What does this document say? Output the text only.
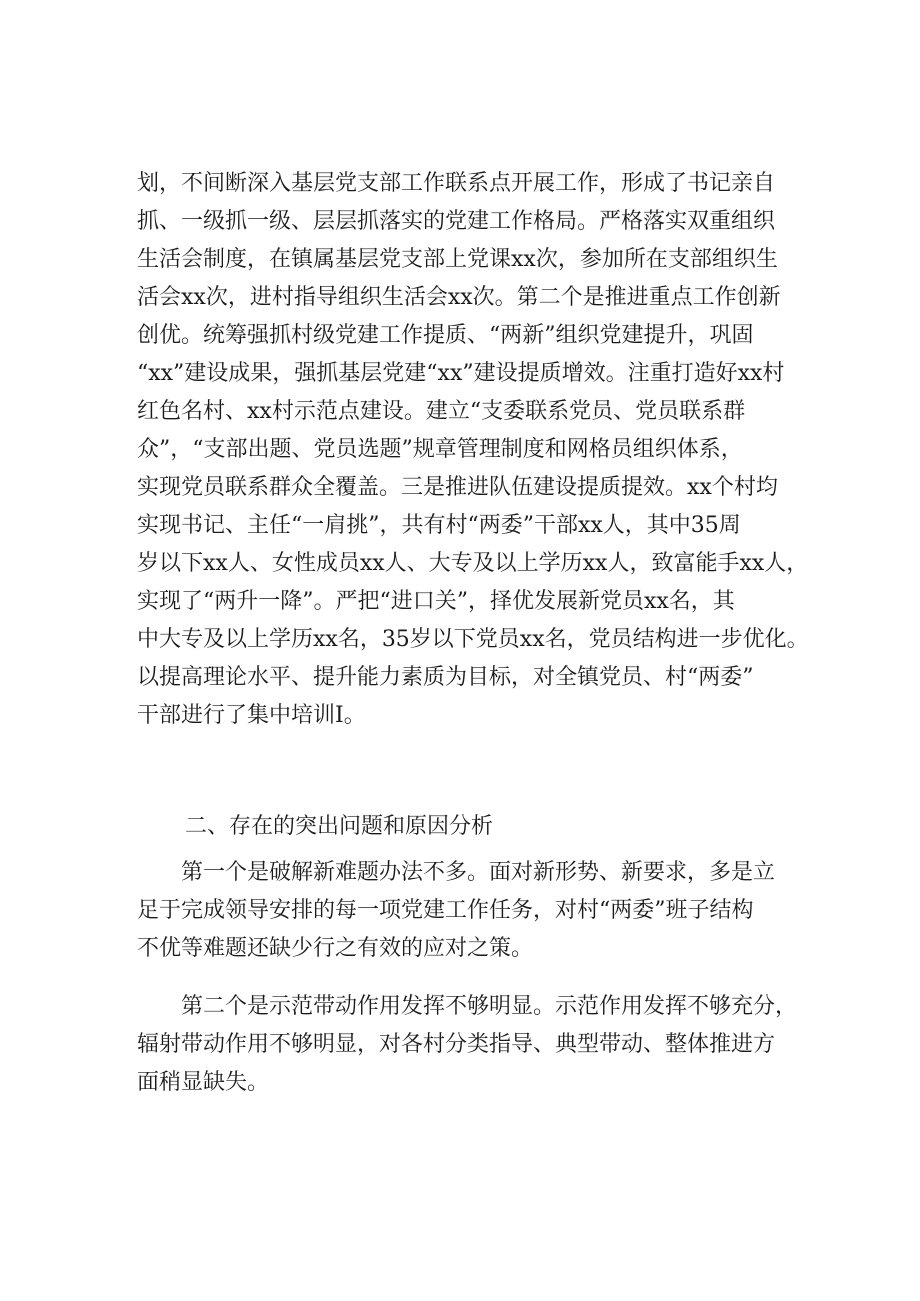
划，不间断深入基层党支部工作联系点开展工作，形成了书记亲自
抓、一级抓一级、层层抓落实的党建工作格局。严格落实双重组织
生活会制度，在镇属基层党支部上党课xx次，参加所在支部组织生
活会xx次，进村指导组织生活会xx次。第二个是推进重点工作创新
创优。统筹强抓村级党建工作提质、“两新”组织党建提升，巩固
“xx”建设成果，强抓基层党建“xx”建设提质增效。注重打造好xx村
红色名村、xx村示范点建设。建立“支委联系党员、党员联系群
众”，“支部出题、党员选题”规章管理制度和网格员组织体系，
实现党员联系群众全覆盖。三是推进队伍建设提质提效。xx个村均
实现书记、主任“一肩挑”，共有村“两委”干部xx人，其中35周
岁以下xx人、女性成员xx人、大专及以上学历xx人，致富能手xx人，
实现了“两升一降”。严把“进口关”，择优发展新党员xx名，其
中大专及以上学历xx名，35岁以下党员xx名，党员结构进一步优化。
以提高理论水平、提升能力素质为目标，对全镇党员、村“两委”
干部进行了集中培训I。
二、存在的突出问题和原因分析
第一个是破解新难题办法不多。面对新形势、新要求，多是立
足于完成领导安排的每一项党建工作任务，对村“两委”班子结构
不优等难题还缺少行之有效的应对之策。
第二个是示范带动作用发挥不够明显。示范作用发挥不够充分，
辐射带动作用不够明显，对各村分类指导、典型带动、整体推进方
面稍显缺失。
